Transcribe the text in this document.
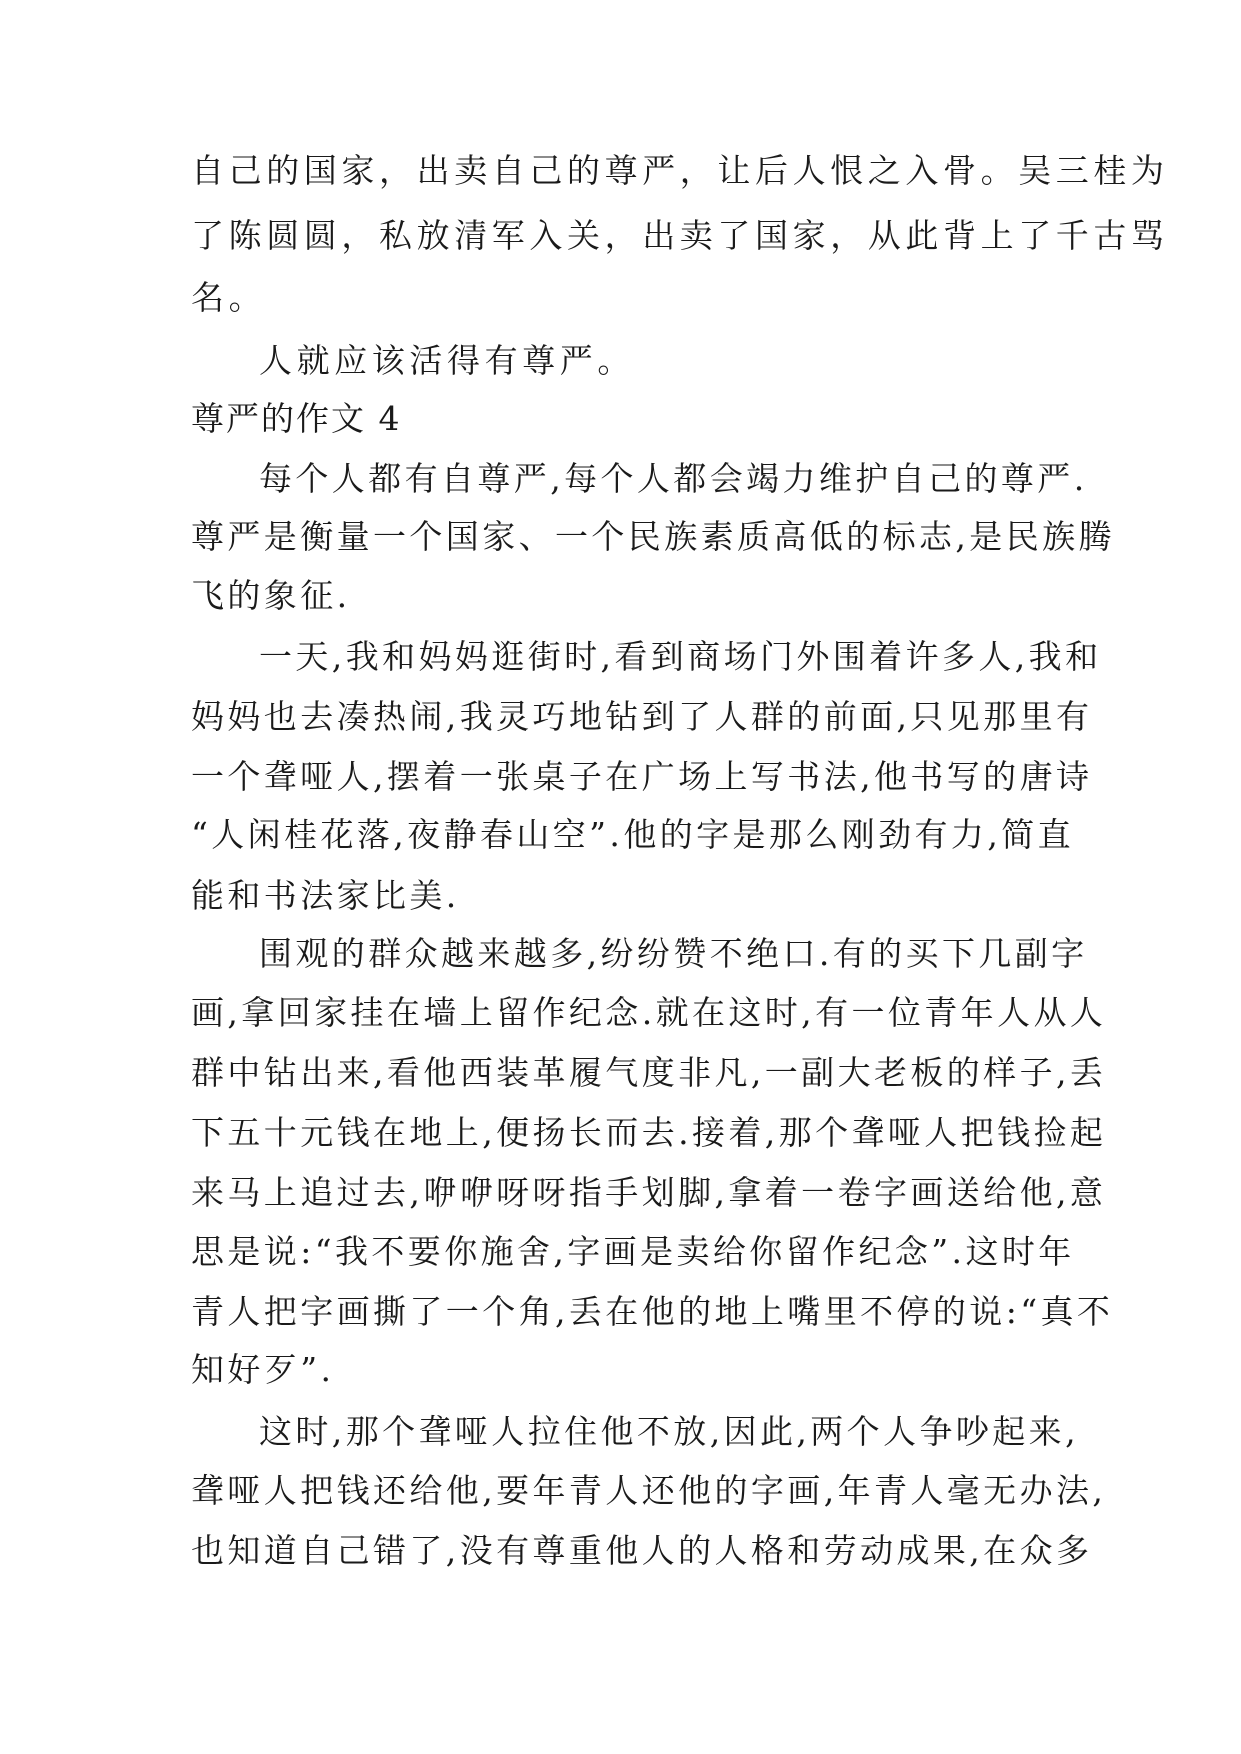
自己的国家，出卖自己的尊严，让后人恨之入骨。吴三桂为
了陈圆圆，私放清军入关，出卖了国家，从此背上了千古骂
名。
人就应该活得有尊严。
尊严的作文 4
每个人都有自尊严,每个人都会竭力维护自己的尊严.
尊严是衡量一个国家、一个民族素质高低的标志,是民族腾
飞的象征.
一天,我和妈妈逛街时,看到商场门外围着许多人,我和
妈妈也去凑热闹,我灵巧地钻到了人群的前面,只见那里有
一个聋哑人,摆着一张桌子在广场上写书法,他书写的唐诗
“人闲桂花落,夜静春山空”.他的字是那么刚劲有力,简直
能和书法家比美.
围观的群众越来越多,纷纷赞不绝口.有的买下几副字
画,拿回家挂在墙上留作纪念.就在这时,有一位青年人从人
群中钻出来,看他西装革履气度非凡,一副大老板的样子,丢
下五十元钱在地上,便扬长而去.接着,那个聋哑人把钱捡起
来马上追过去,咿咿呀呀指手划脚,拿着一卷字画送给他,意
思是说:“我不要你施舍,字画是卖给你留作纪念”.这时年
青人把字画撕了一个角,丢在他的地上嘴里不停的说:“真不
知好歹”.
这时,那个聋哑人拉住他不放,因此,两个人争吵起来,
聋哑人把钱还给他,要年青人还他的字画,年青人毫无办法,
也知道自己错了,没有尊重他人的人格和劳动成果,在众多
